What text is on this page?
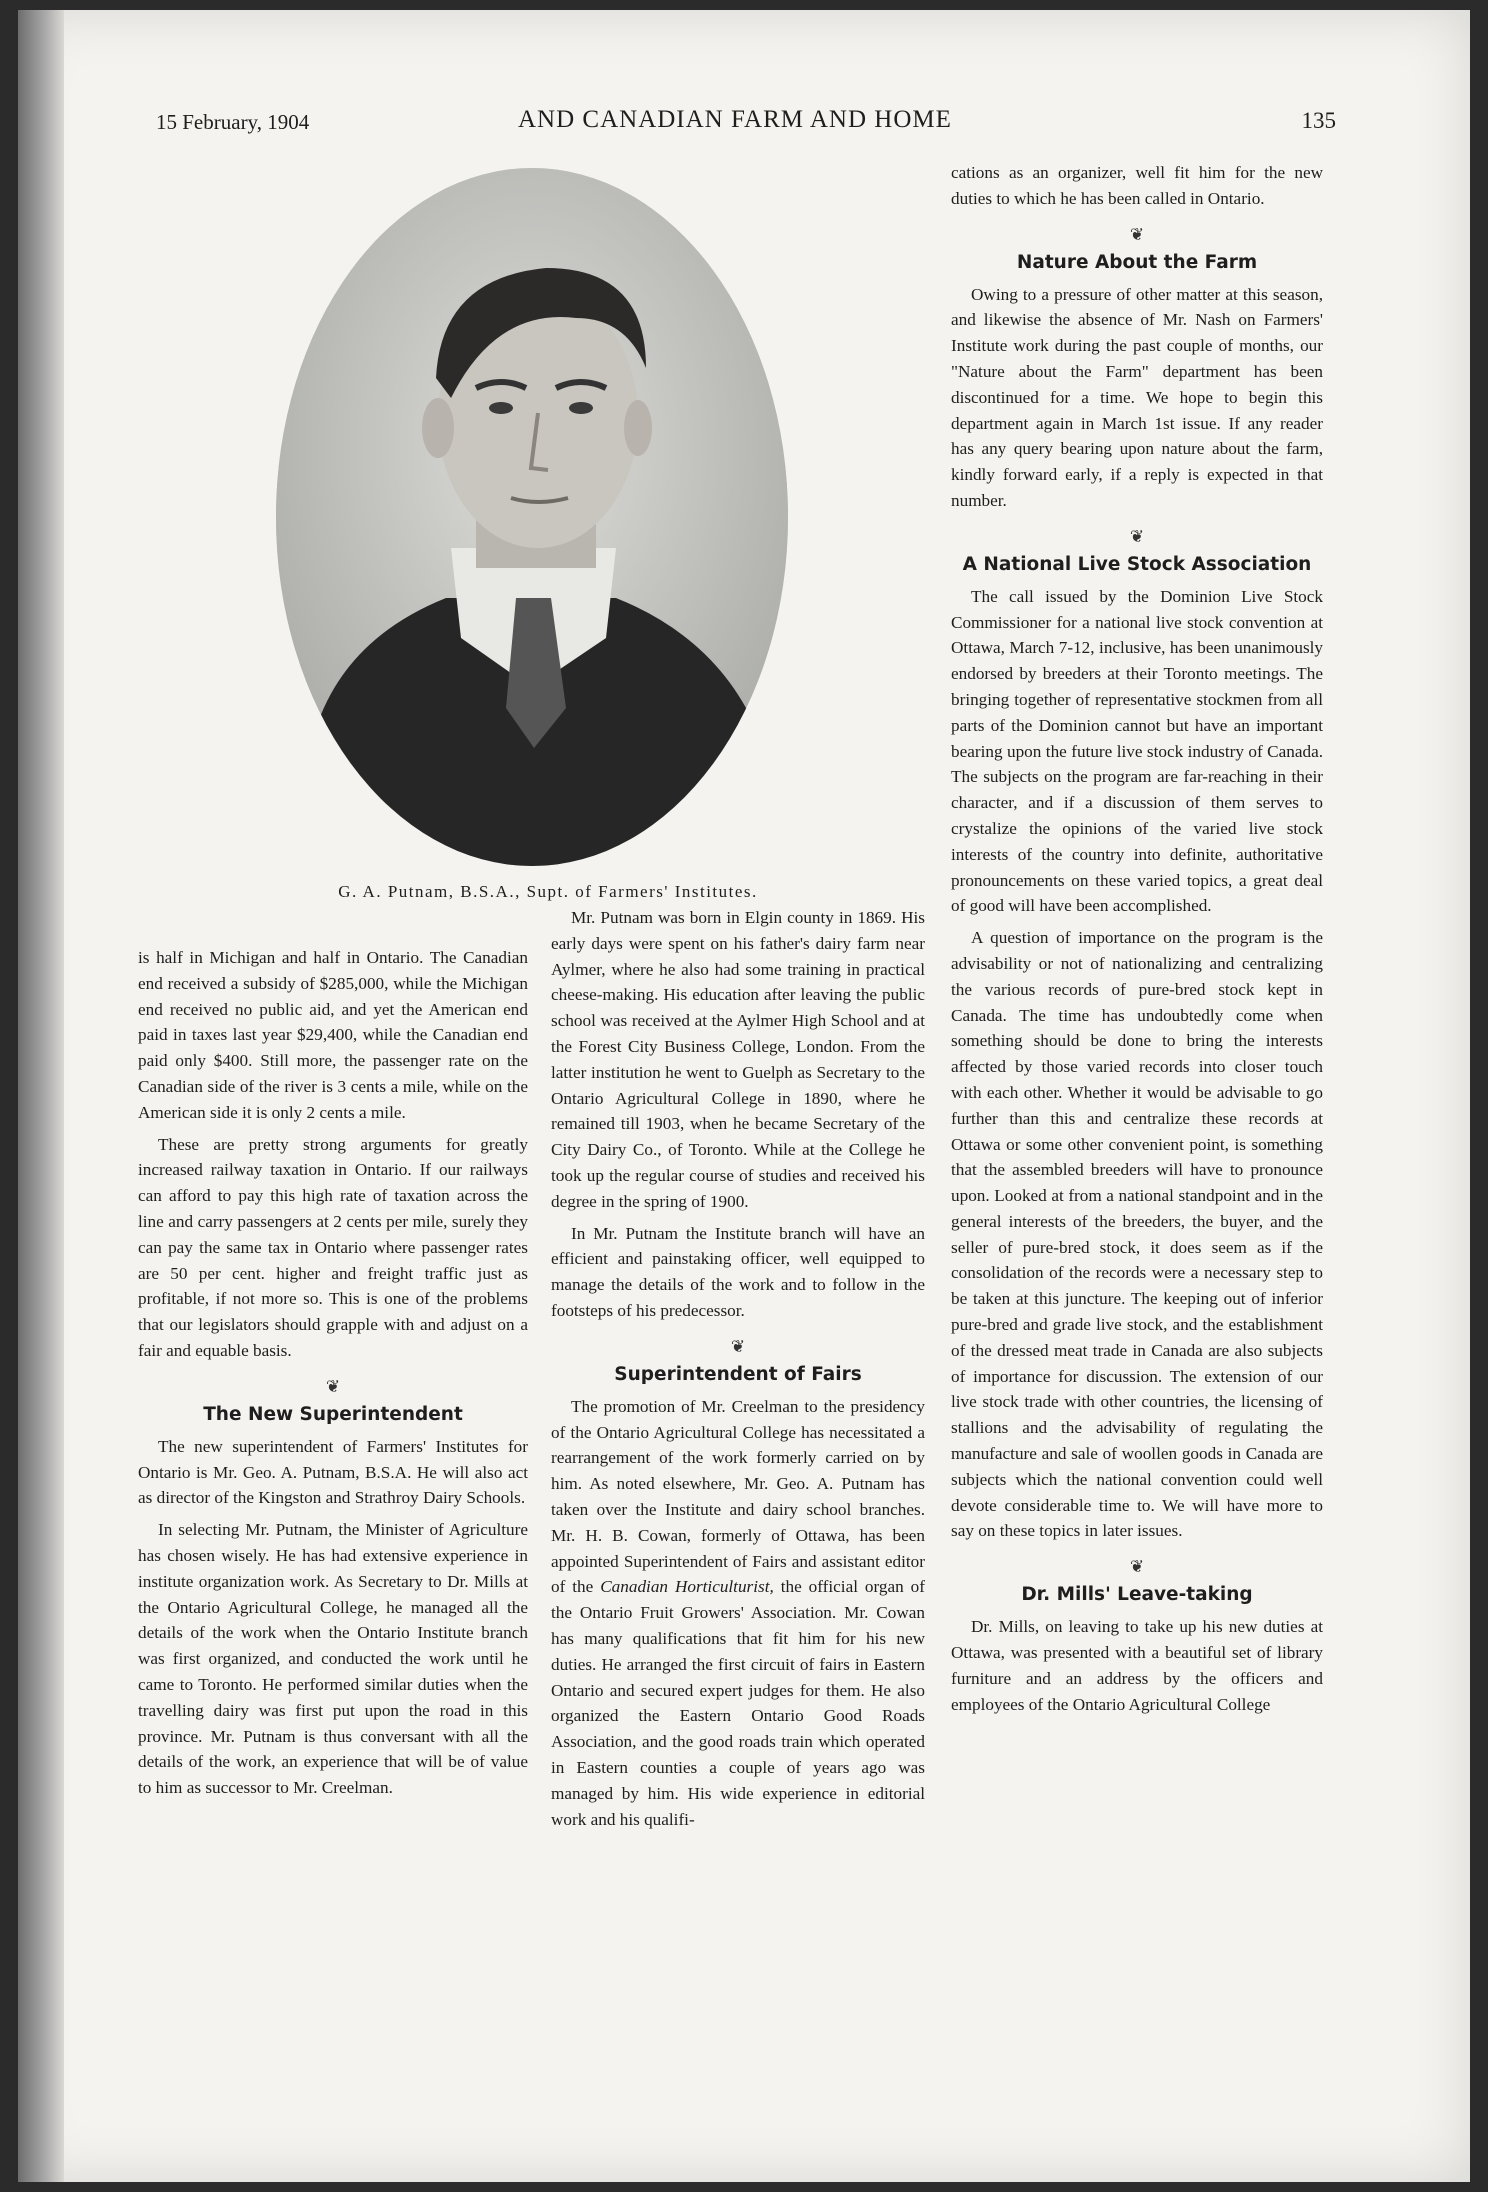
15 February, 1904	AND CANADIAN FARM AND HOME	135
G. A. Putnam, B.S.A., Supt. of Farmers' Institutes.

is half in Michigan and half in Ontario. The Canadian end received a subsidy of $285,000, while the Michigan end received no public aid, and yet the American end paid in taxes last year $29,400, while the Canadian end paid only $400. Still more, the passenger rate on the Canadian side of the river is 3 cents a mile, while on the American side it is only 2 cents a mile.

These are pretty strong arguments for greatly increased railway taxation in Ontario. If our railways can afford to pay this high rate of taxation across the line and carry passengers at 2 cents per mile, surely they can pay the same tax in Ontario where passenger rates are 50 per cent. higher and freight traffic just as profitable, if not more so. This is one of the problems that our legislators should grapple with and adjust on a fair and equable basis.

❦
The New Superintendent

The new superintendent of Farmers' Institutes for Ontario is Mr. Geo. A. Putnam, B.S.A. He will also act as director of the Kingston and Strathroy Dairy Schools.

In selecting Mr. Putnam, the Minister of Agriculture has chosen wisely. He has had extensive experience in institute organization work. As Secretary to Dr. Mills at the Ontario Agricultural College, he managed all the details of the work when the Ontario Institute branch was first organized, and conducted the work until he came to Toronto. He performed similar duties when the travelling dairy was first put upon the road in this province. Mr. Putnam is thus conversant with all the details of the work, an experience that will be of value to him as successor to Mr. Creelman.

Mr. Putnam was born in Elgin county in 1869. His early days were spent on his father's dairy farm near Aylmer, where he also had some training in practical cheese-making. His education after leaving the public school was received at the Aylmer High School and at the Forest City Business College, London. From the latter institution he went to Guelph as Secretary to the Ontario Agricultural College in 1890, where he remained till 1903, when he became Secretary of the City Dairy Co., of Toronto. While at the College he took up the regular course of studies and received his degree in the spring of 1900.

In Mr. Putnam the Institute branch will have an efficient and painstaking officer, well equipped to manage the details of the work and to follow in the footsteps of his predecessor.

❦
Superintendent of Fairs

The promotion of Mr. Creelman to the presidency of the Ontario Agricultural College has necessitated a rearrangement of the work formerly carried on by him. As noted elsewhere, Mr. Geo. A. Putnam has taken over the Institute and dairy school branches. Mr. H. B. Cowan, formerly of Ottawa, has been appointed Superintendent of Fairs and assistant editor of the Canadian Horticulturist, the official organ of the Ontario Fruit Growers' Association. Mr. Cowan has many qualifications that fit him for his new duties. He arranged the first circuit of fairs in Eastern Ontario and secured expert judges for them. He also organized the Eastern Ontario Good Roads Association, and the good roads train which operated in Eastern counties a couple of years ago was managed by him. His wide experience in editorial work and his qualifi-

cations as an organizer, well fit him for the new duties to which he has been called in Ontario.

❦
Nature About the Farm

Owing to a pressure of other matter at this season, and likewise the absence of Mr. Nash on Farmers' Institute work during the past couple of months, our "Nature about the Farm" department has been discontinued for a time. We hope to begin this department again in March 1st issue. If any reader has any query bearing upon nature about the farm, kindly forward early, if a reply is expected in that number.

❦
A National Live Stock Association

The call issued by the Dominion Live Stock Commissioner for a national live stock convention at Ottawa, March 7-12, inclusive, has been unanimously endorsed by breeders at their Toronto meetings. The bringing together of representative stockmen from all parts of the Dominion cannot but have an important bearing upon the future live stock industry of Canada. The subjects on the program are far-reaching in their character, and if a discussion of them serves to crystalize the opinions of the varied live stock interests of the country into definite, authoritative pronouncements on these varied topics, a great deal of good will have been accomplished.

A question of importance on the program is the advisability or not of nationalizing and centralizing the various records of pure-bred stock kept in Canada. The time has undoubtedly come when something should be done to bring the interests affected by those varied records into closer touch with each other. Whether it would be advisable to go further than this and centralize these records at Ottawa or some other convenient point, is something that the assembled breeders will have to pronounce upon. Looked at from a national standpoint and in the general interests of the breeders, the buyer, and the seller of pure-bred stock, it does seem as if the consolidation of the records were a necessary step to be taken at this juncture. The keeping out of inferior pure-bred and grade live stock, and the establishment of the dressed meat trade in Canada are also subjects of importance for discussion. The extension of our live stock trade with other countries, the licensing of stallions and the advisability of regulating the manufacture and sale of woollen goods in Canada are subjects which the national convention could well devote considerable time to. We will have more to say on these topics in later issues.

❦
Dr. Mills' Leave-taking

Dr. Mills, on leaving to take up his new duties at Ottawa, was presented with a beautiful set of library furniture and an address by the officers and employees of the Ontario Agricultural College
